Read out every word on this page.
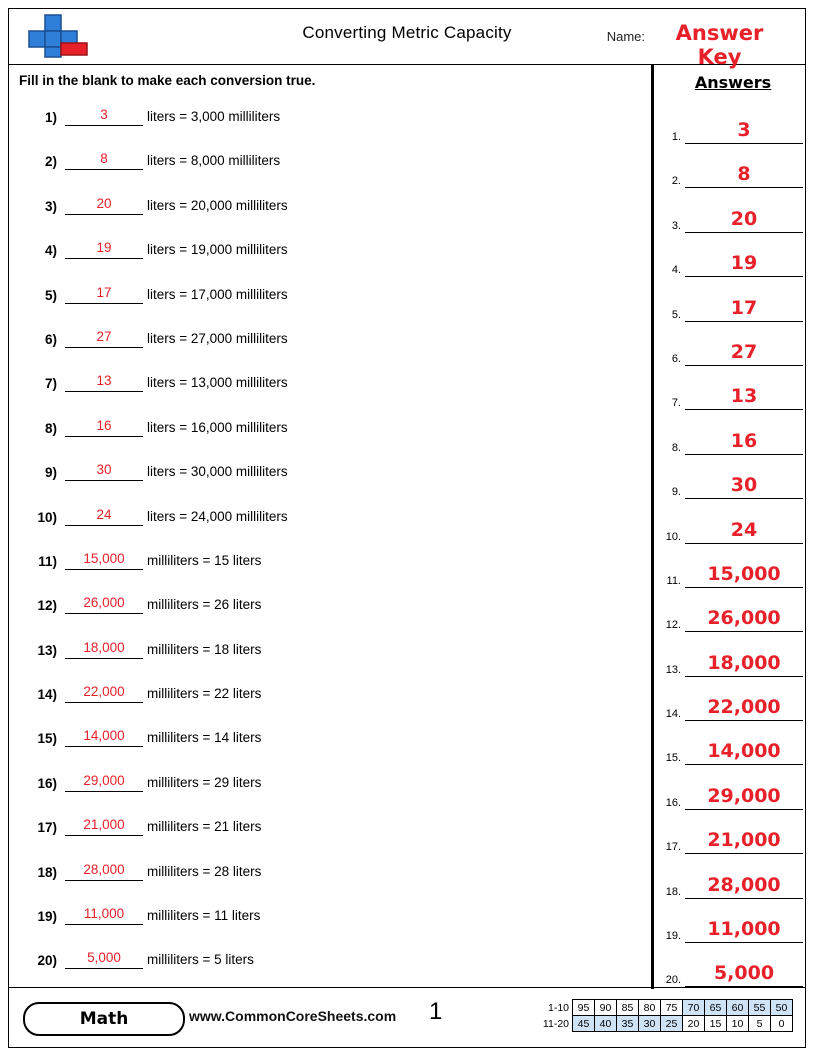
Converting Metric Capacity	Name:	Answer Key
Fill in the blank to make each conversion true.
1)	3	liters = 3,000 milliliters
2)	8	liters = 8,000 milliliters
3)	20	liters = 20,000 milliliters
4)	19	liters = 19,000 milliliters
5)	17	liters = 17,000 milliliters
6)	27	liters = 27,000 milliliters
7)	13	liters = 13,000 milliliters
8)	16	liters = 16,000 milliliters
9)	30	liters = 30,000 milliliters
10)	24	liters = 24,000 milliliters
11)	15,000	milliliters = 15 liters
12)	26,000	milliliters = 26 liters
13)	18,000	milliliters = 18 liters
14)	22,000	milliliters = 22 liters
15)	14,000	milliliters = 14 liters
16)	29,000	milliliters = 29 liters
17)	21,000	milliliters = 21 liters
18)	28,000	milliliters = 28 liters
19)	11,000	milliliters = 11 liters
20)	5,000	milliliters = 5 liters
Answers
1.	3
2.	8
3.	20
4.	19
5.	17
6.	27
7.	13
8.	16
9.	30
10.	24
11.	15,000
12.	26,000
13.	18,000
14.	22,000
15.	14,000
16.	29,000
17.	21,000
18.	28,000
19.	11,000
20.	5,000
Math	www.CommonCoreSheets.com 1	1-10	95	90	85	80	75	70	65	60	55	50
11-20	45	40	35	30	25	20	15	10	5	0
